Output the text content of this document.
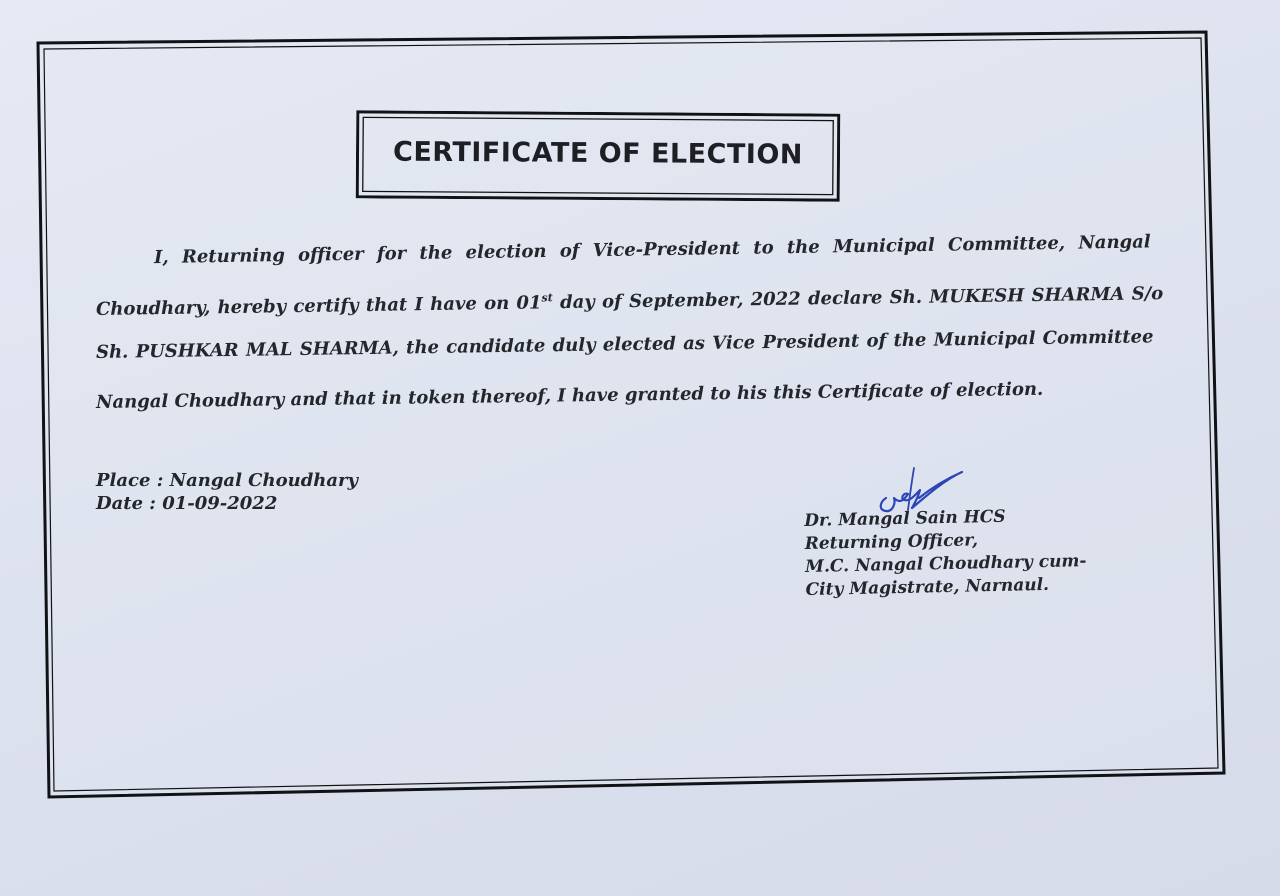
CERTIFICATE OF ELECTION
I, Returning officer for the election of Vice-President to the Municipal Committee, Nangal
Choudhary, hereby certify that I have on 01st day of September, 2022 declare Sh. MUKESH SHARMA S/o
Sh. PUSHKAR MAL SHARMA, the candidate duly elected as Vice President of the Municipal Committee
Nangal Choudhary and that in token thereof, I have granted to his this Certificate of election.
Place : Nangal Choudhary
Date : 01-09-2022
Dr. Mangal Sain HCS
Returning Officer,
M.C. Nangal Choudhary cum-
City Magistrate, Narnaul.
